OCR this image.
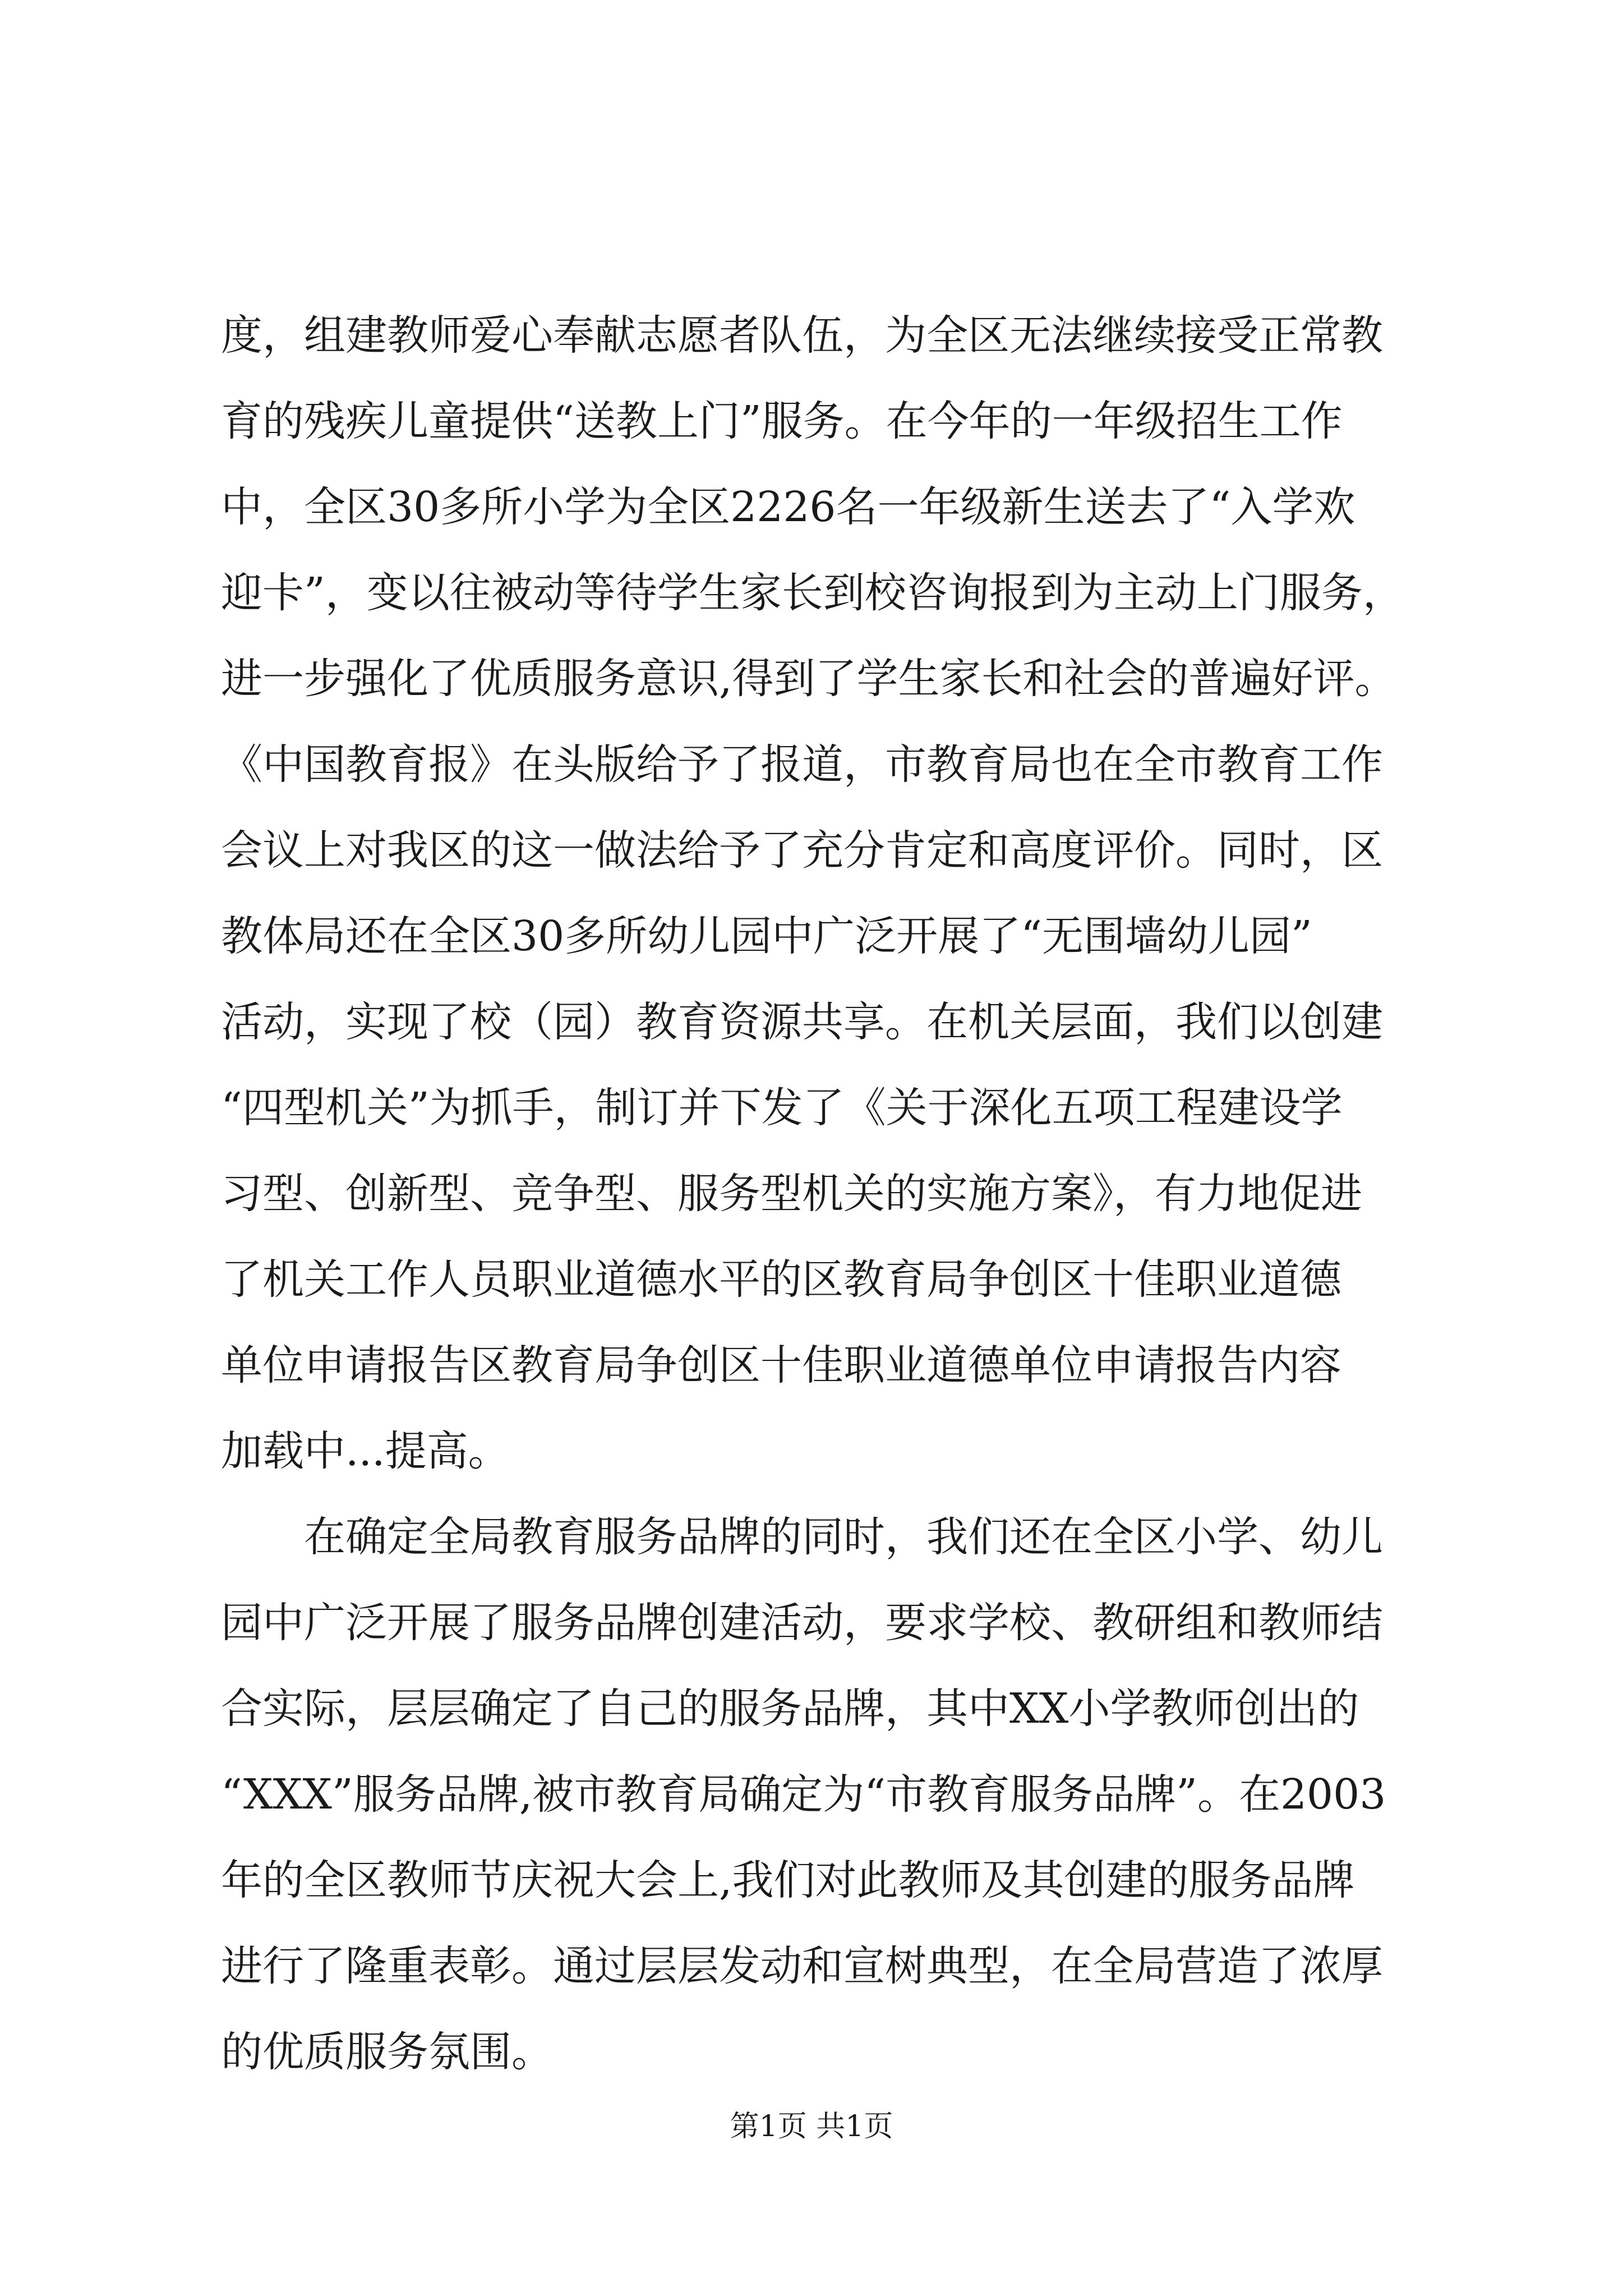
度，组建教师爱心奉献志愿者队伍，为全区无法继续接受正常教
育的残疾儿童提供“送教上门”服务。在今年的一年级招生工作
中，全区30多所小学为全区2226名一年级新生送去了“入学欢
迎卡”，变以往被动等待学生家长到校咨询报到为主动上门服务，
进一步强化了优质服务意识,得到了学生家长和社会的普遍好评。
《中国教育报》在头版给予了报道，市教育局也在全市教育工作
会议上对我区的这一做法给予了充分肯定和高度评价。同时，区
教体局还在全区30多所幼儿园中广泛开展了“无围墙幼儿园”
活动，实现了校（园）教育资源共享。在机关层面，我们以创建
“四型机关”为抓手，制订并下发了《关于深化五项工程建设学
习型、创新型、竞争型、服务型机关的实施方案》，有力地促进
了机关工作人员职业道德水平的区教育局争创区十佳职业道德
单位申请报告区教育局争创区十佳职业道德单位申请报告内容
加载中...提高。

　　在确定全局教育服务品牌的同时，我们还在全区小学、幼儿
园中广泛开展了服务品牌创建活动，要求学校、教研组和教师结
合实际，层层确定了自己的服务品牌，其中XX小学教师创出的
“XXX”服务品牌,被市教育局确定为“市教育服务品牌”。在2003
年的全区教师节庆祝大会上,我们对此教师及其创建的服务品牌
进行了隆重表彰。通过层层发动和宣树典型，在全局营造了浓厚
的优质服务氛围。

第1页 共1页
